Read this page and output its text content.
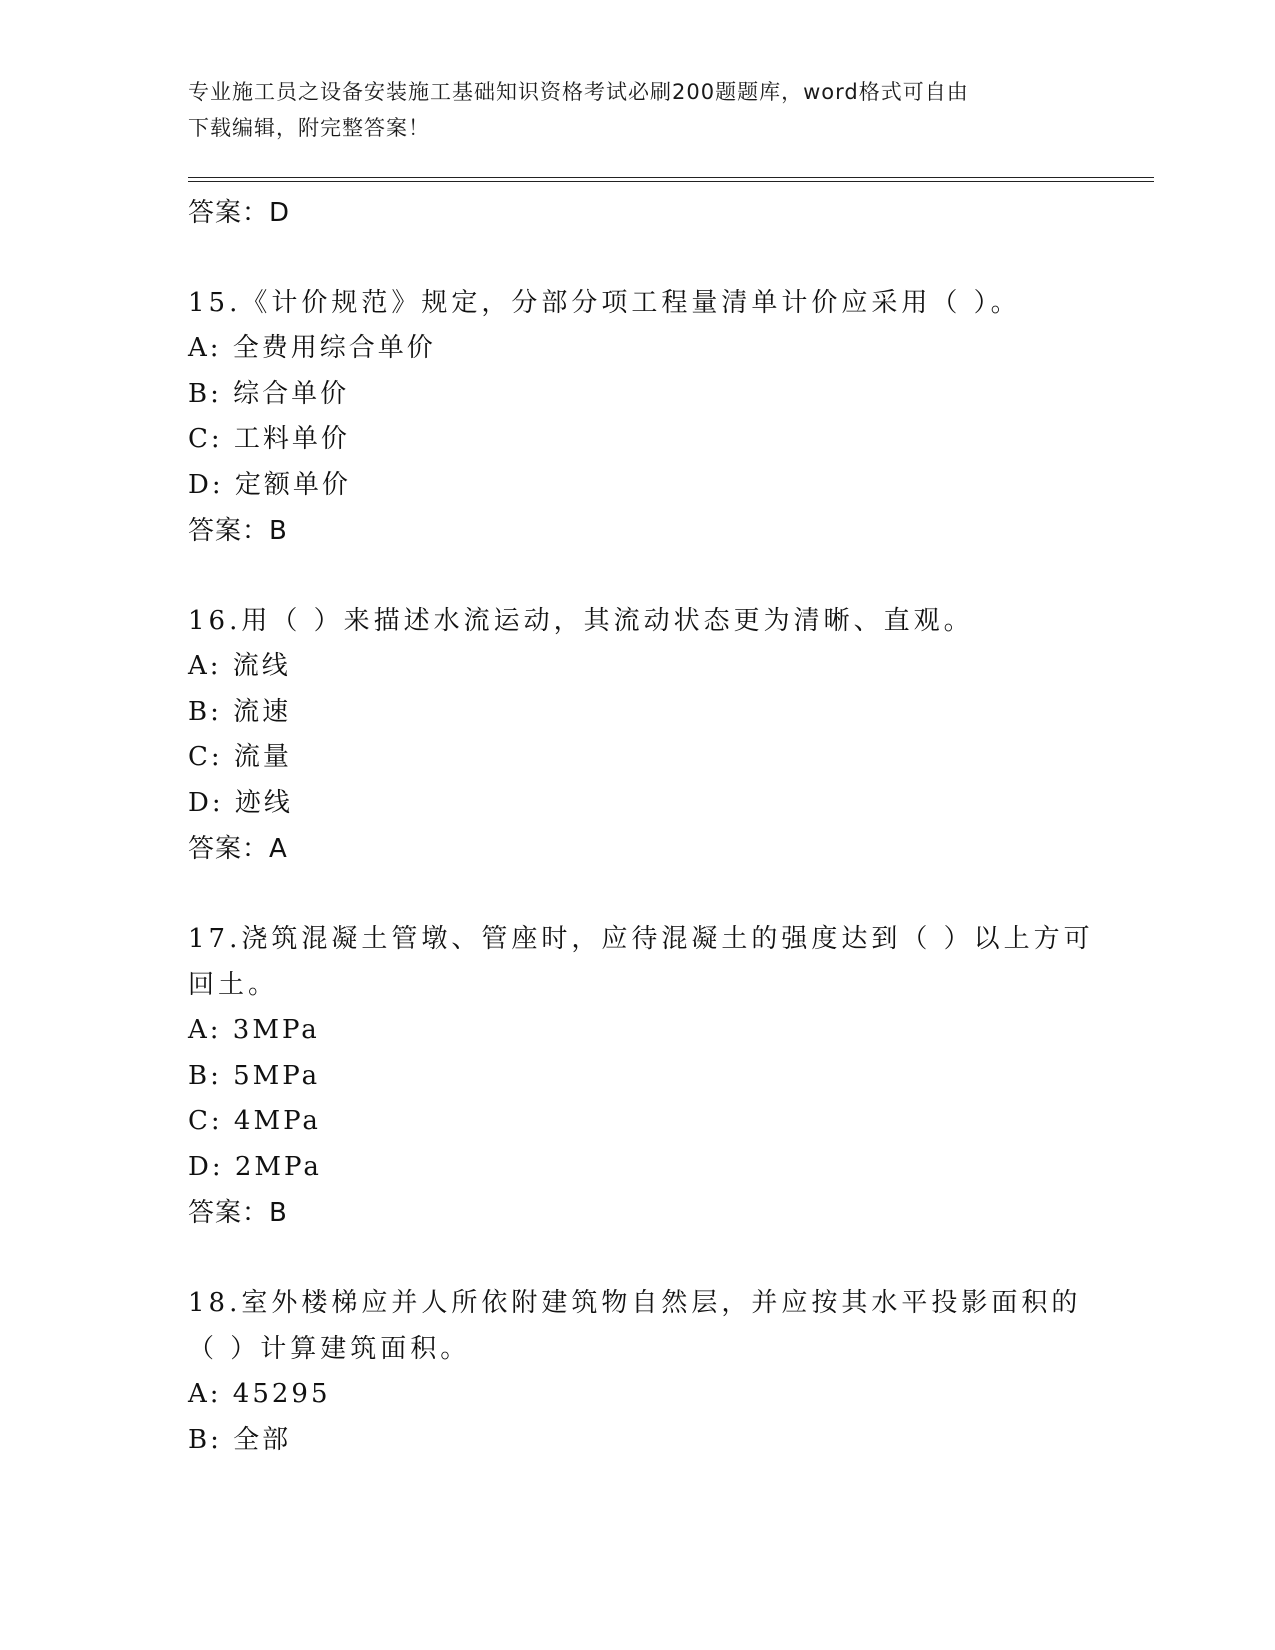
专业施工员之设备安装施工基础知识资格考试必刷200题题库，word格式可自由
下载编辑，附完整答案！
答案：D
15.《计价规范》规定，分部分项工程量清单计价应采用（ ）。
A: 全费用综合单价
B: 综合单价
C: 工料单价
D: 定额单价
答案：B
16.用（ ）来描述水流运动，其流动状态更为清晰、直观。
A: 流线
B: 流速
C: 流量
D: 迹线
答案：A
17.浇筑混凝土管墩、管座时，应待混凝土的强度达到（ ）以上方可回土。
A: 3MPa
B: 5MPa
C: 4MPa
D: 2MPa
答案：B
18.室外楼梯应并人所依附建筑物自然层，并应按其水平投影面积的（ ）计算建筑面积。
A: 45295
B: 全部
